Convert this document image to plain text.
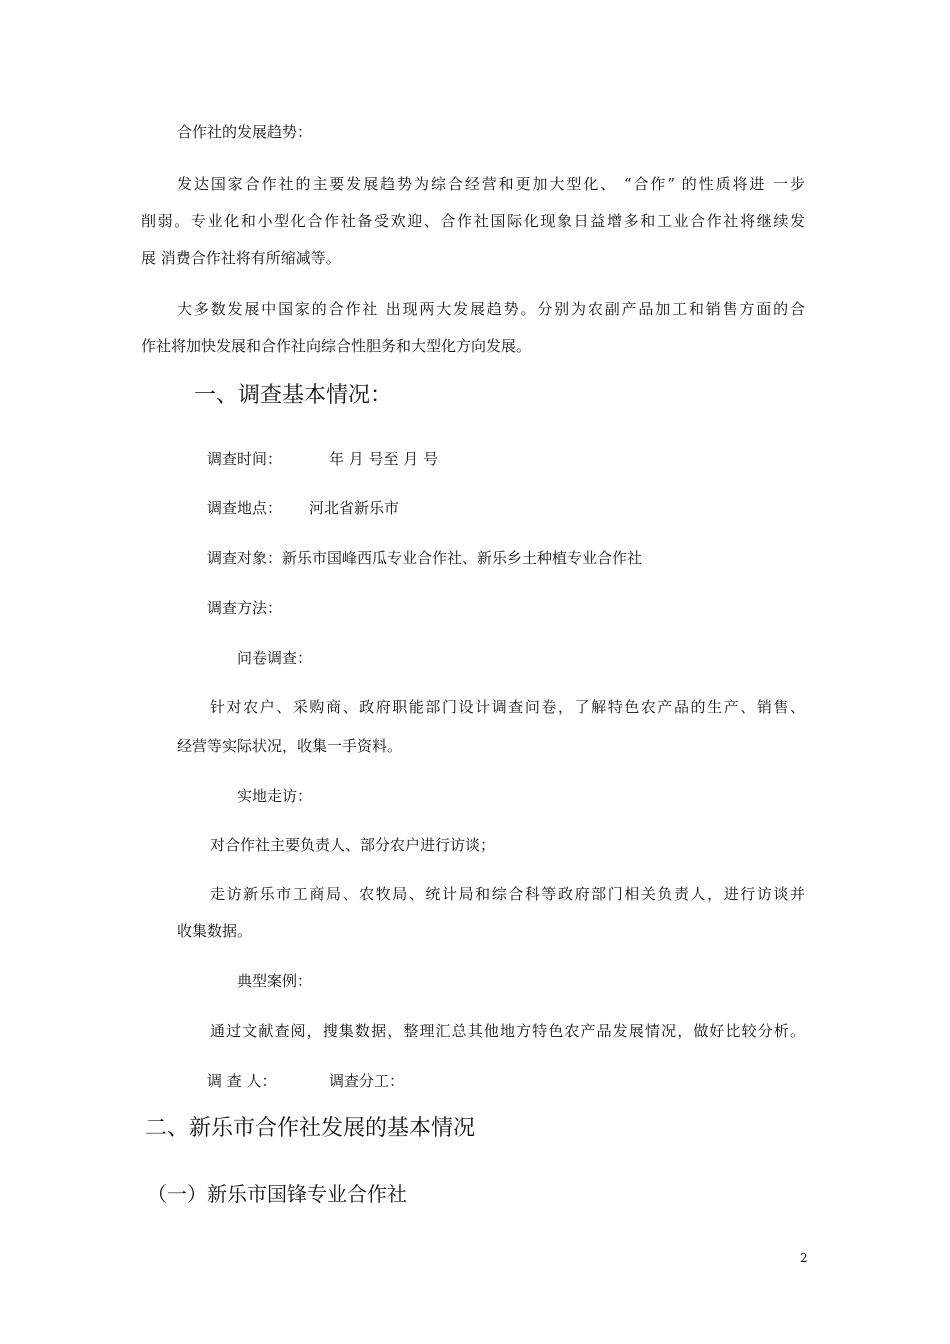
合作社的发展趋势：
发达国家合作社的主要发展趋势为综合经营和更加大型化、 “合作” 的性质将进 一步
削弱。专业化和小型化合作社备受欢迎、合作社国际化现象日益增多和工业合作社将继续发
展 消费合作社将有所缩减等。
大多数发展中国家的合作社 出现两大发展趋势。分别为农副产品加工和销售方面的合
作社将加快发展和合作社向综合性胆务和大型化方向发展。
一、调查基本情况：
调查时间：	年 月 号至 月 号
调查地点： 河北省新乐市
调查对象：新乐市国峰西瓜专业合作社、新乐乡土种植专业合作社
调查方法：
问卷调查：
针对农户、采购商、政府职能部门设计调查问卷，了解特色农产品的生产、销售、
经营等实际状况，收集一手资料。
实地走访：
对合作社主要负责人、部分农户进行访谈；
走访新乐市工商局、农牧局、统计局和综合科等政府部门相关负责人，进行访谈并
收集数据。
典型案例：
通过文献查阅，搜集数据，整理汇总其他地方特色农产品发展情况，做好比较分析。
调 查 人：	调查分工：
二、新乐市合作社发展的基本情况
（一）新乐市国锋专业合作社
2
